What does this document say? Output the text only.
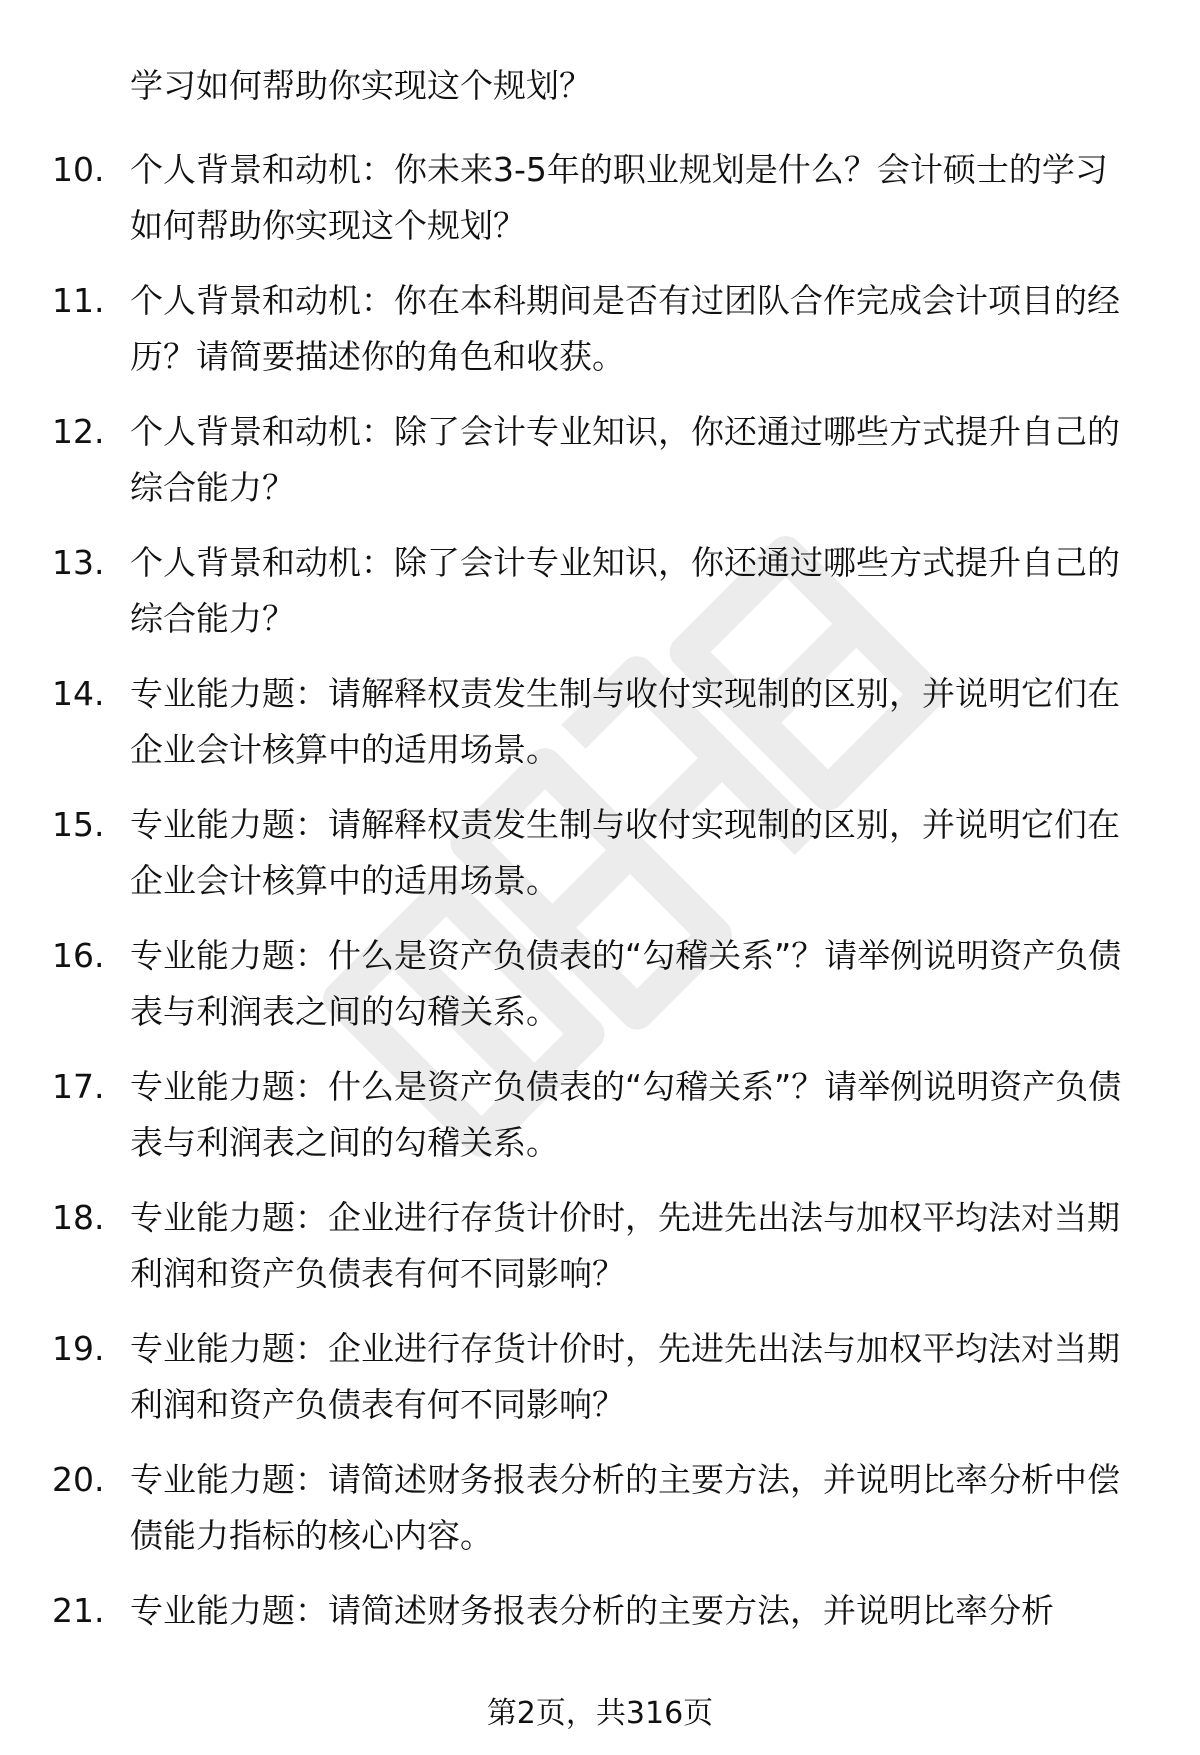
学习如何帮助你实现这个规划？
10. 个人背景和动机：你未来3-5年的职业规划是什么？会计硕士的学习如何帮助你实现这个规划？
11. 个人背景和动机：你在本科期间是否有过团队合作完成会计项目的经历？请简要描述你的角色和收获。
12. 个人背景和动机：除了会计专业知识，你还通过哪些方式提升自己的综合能力？
13. 个人背景和动机：除了会计专业知识，你还通过哪些方式提升自己的综合能力？
14. 专业能力题：请解释权责发生制与收付实现制的区别，并说明它们在企业会计核算中的适用场景。
15. 专业能力题：请解释权责发生制与收付实现制的区别，并说明它们在企业会计核算中的适用场景。
16. 专业能力题：什么是资产负债表的“勾稽关系”？请举例说明资产负债表与利润表之间的勾稽关系。
17. 专业能力题：什么是资产负债表的“勾稽关系”？请举例说明资产负债表与利润表之间的勾稽关系。
18. 专业能力题：企业进行存货计价时，先进先出法与加权平均法对当期利润和资产负债表有何不同影响？
19. 专业能力题：企业进行存货计价时，先进先出法与加权平均法对当期利润和资产负债表有何不同影响？
20. 专业能力题：请简述财务报表分析的主要方法，并说明比率分析中偿债能力指标的核心内容。
21. 专业能力题：请简述财务报表分析的主要方法，并说明比率分析
第2页，共316页
